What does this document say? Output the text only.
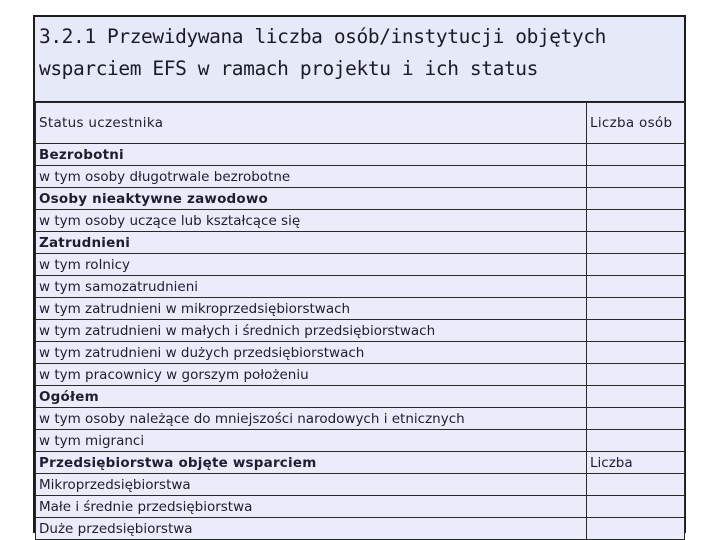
3.2.1 Przewidywana liczba osób/instytucji objętych
wsparciem EFS w ramach projektu i ich status
Status uczestnika	Liczba osób
Bezrobotni	
w tym osoby długotrwale bezrobotne	
Osoby nieaktywne zawodowo	
w tym osoby uczące lub kształcące się	
Zatrudnieni	
w tym rolnicy	
w tym samozatrudnieni	
w tym zatrudnieni w mikroprzedsiębiorstwach	
w tym zatrudnieni w małych i średnich przedsiębiorstwach	
w tym zatrudnieni w dużych przedsiębiorstwach	
w tym pracownicy w gorszym położeniu	
Ogółem	
w tym osoby należące do mniejszości narodowych i etnicznych	
w tym migranci	
Przedsiębiorstwa objęte wsparciem	Liczba
Mikroprzedsiębiorstwa	
Małe i średnie przedsiębiorstwa	
Duże przedsiębiorstwa	
